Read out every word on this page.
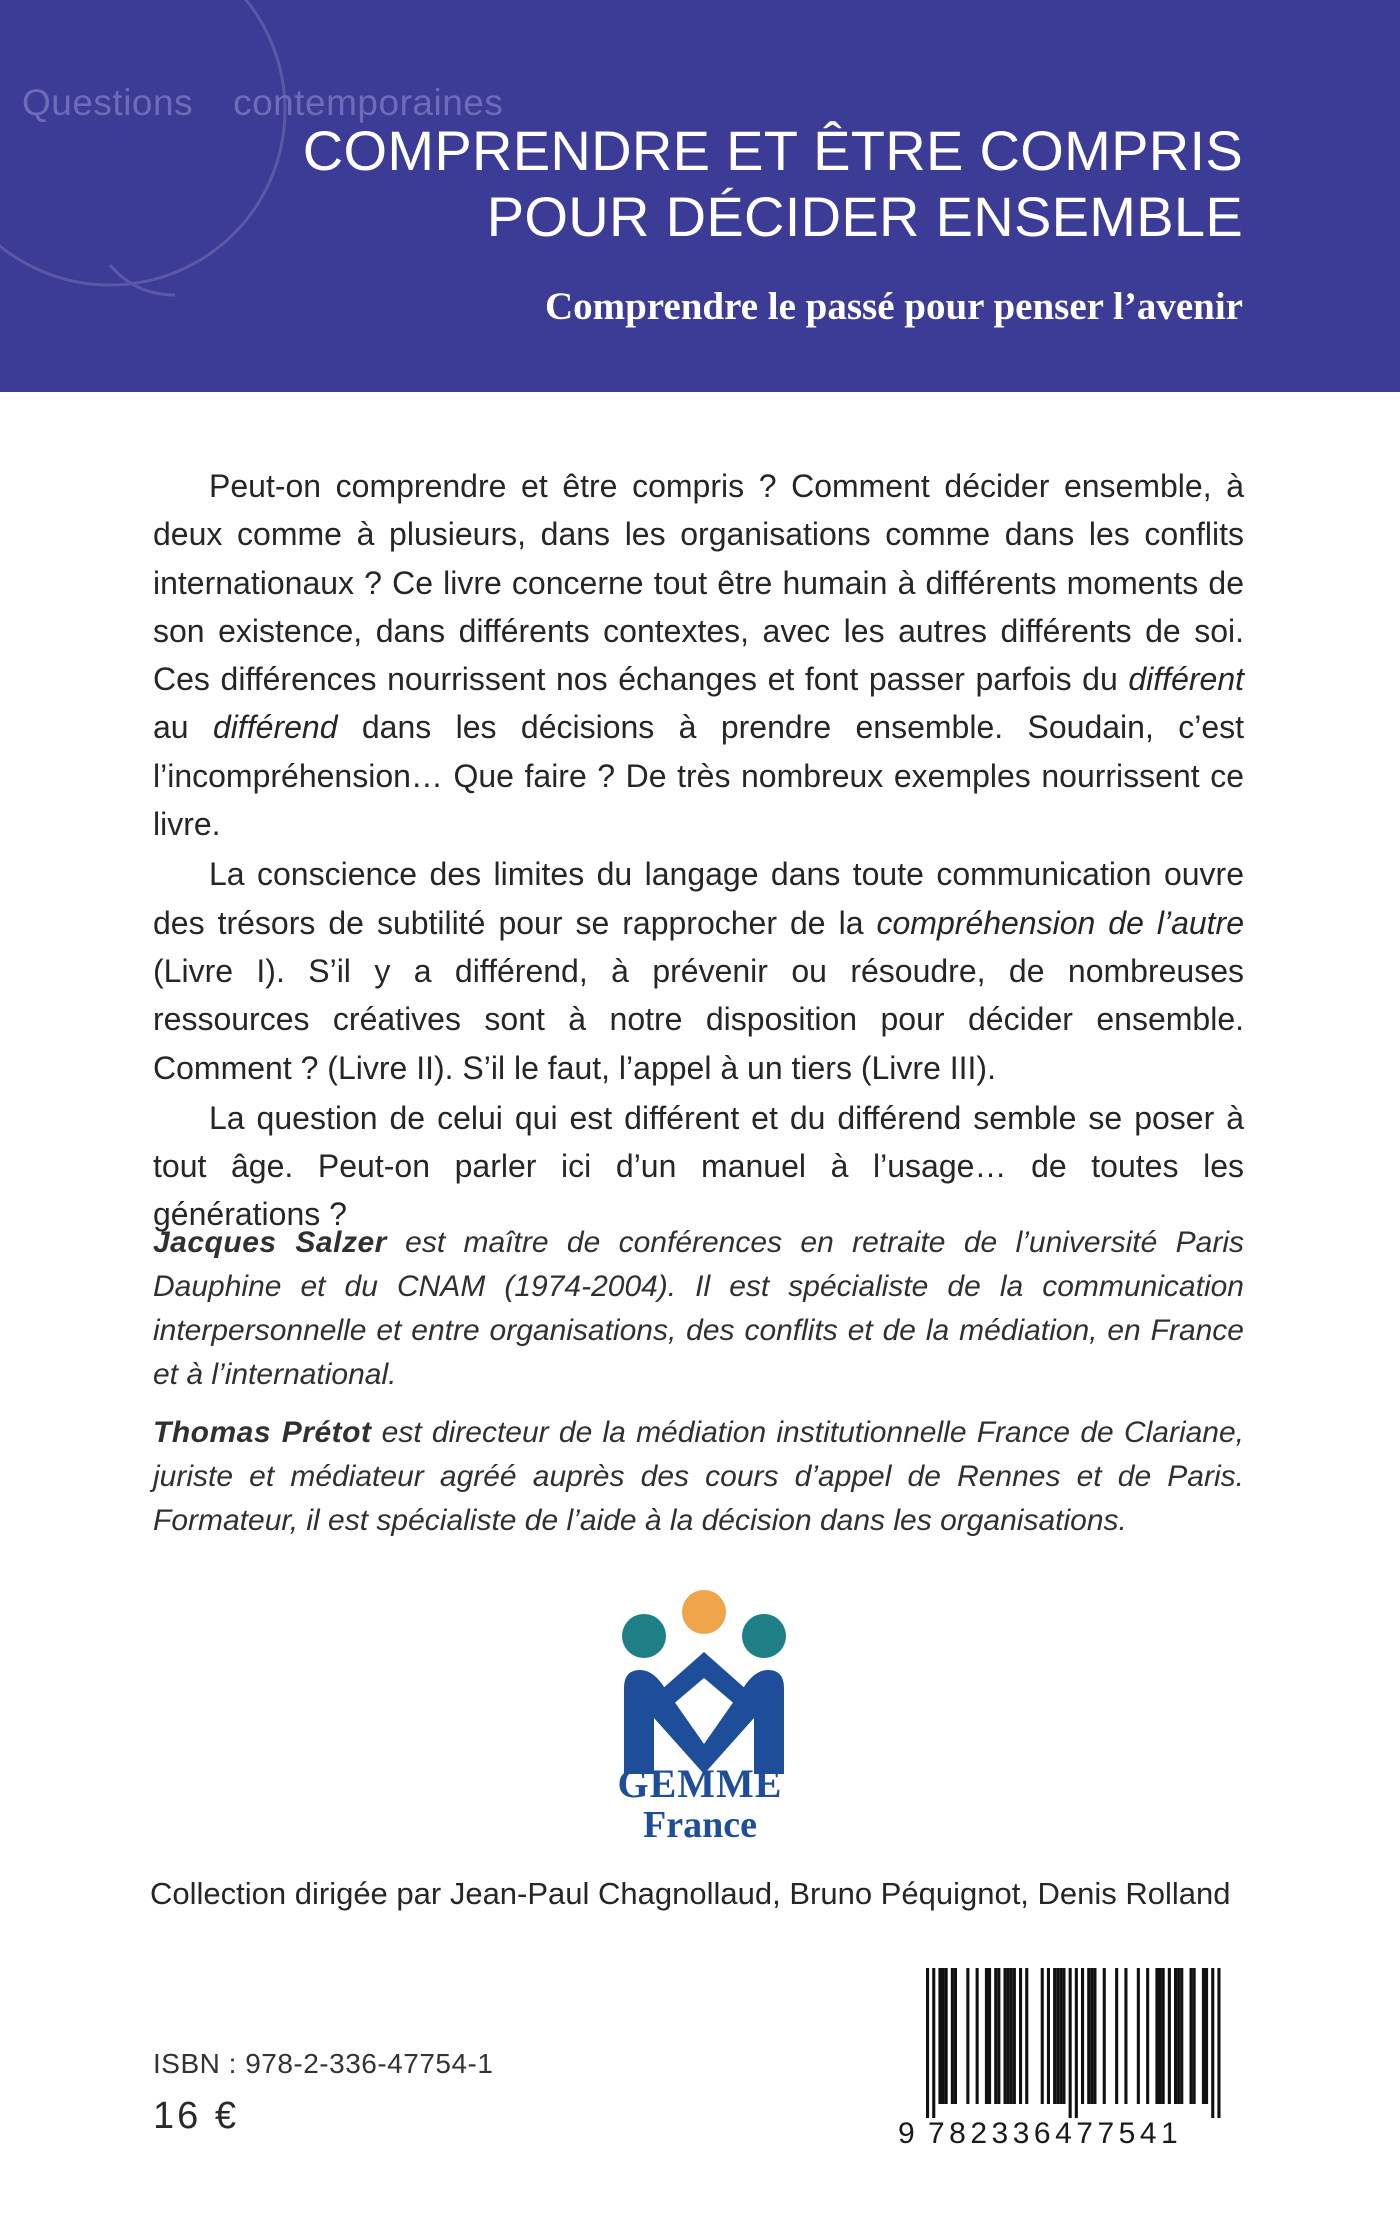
Questions contemporaines
COMPRENDRE ET ÊTRE COMPRIS
POUR DÉCIDER ENSEMBLE
Comprendre le passé pour penser l’avenir

Peut-on comprendre et être compris ? Comment décider ensemble, à deux comme à plusieurs, dans les organisations comme dans les conflits internationaux ? Ce livre concerne tout être humain à différents moments de son existence, dans différents contextes, avec les autres différents de soi. Ces différences nourrissent nos échanges et font passer parfois du différent au différend dans les décisions à prendre ensemble. Soudain, c’est l’incompréhension… Que faire ? De très nombreux exemples nourrissent ce livre.

La conscience des limites du langage dans toute communication ouvre des trésors de subtilité pour se rapprocher de la compréhension de l’autre (Livre I). S’il y a différend, à prévenir ou résoudre, de nombreuses ressources créatives sont à notre disposition pour décider ensemble. Comment ? (Livre II). S’il le faut, l’appel à un tiers (Livre III).

La question de celui qui est différent et du différend semble se poser à tout âge. Peut-on parler ici d’un manuel à l’usage… de toutes les générations ?

Jacques Salzer est maître de conférences en retraite de l’université Paris Dauphine et du CNAM (1974-2004). Il est spécialiste de la communication interpersonnelle et entre organisations, des conflits et de la médiation, en France et à l’international.

Thomas Prétot est directeur de la médiation institutionnelle France de Clariane, juriste et médiateur agréé auprès des cours d’appel de Rennes et de Paris. Formateur, il est spécialiste de l’aide à la décision dans les organisations.

GEMME
France
Collection dirigée par Jean-Paul Chagnollaud, Bruno Péquignot, Denis Rolland
ISBN : 978-2-336-47754-1
16 €	9 782336477541
